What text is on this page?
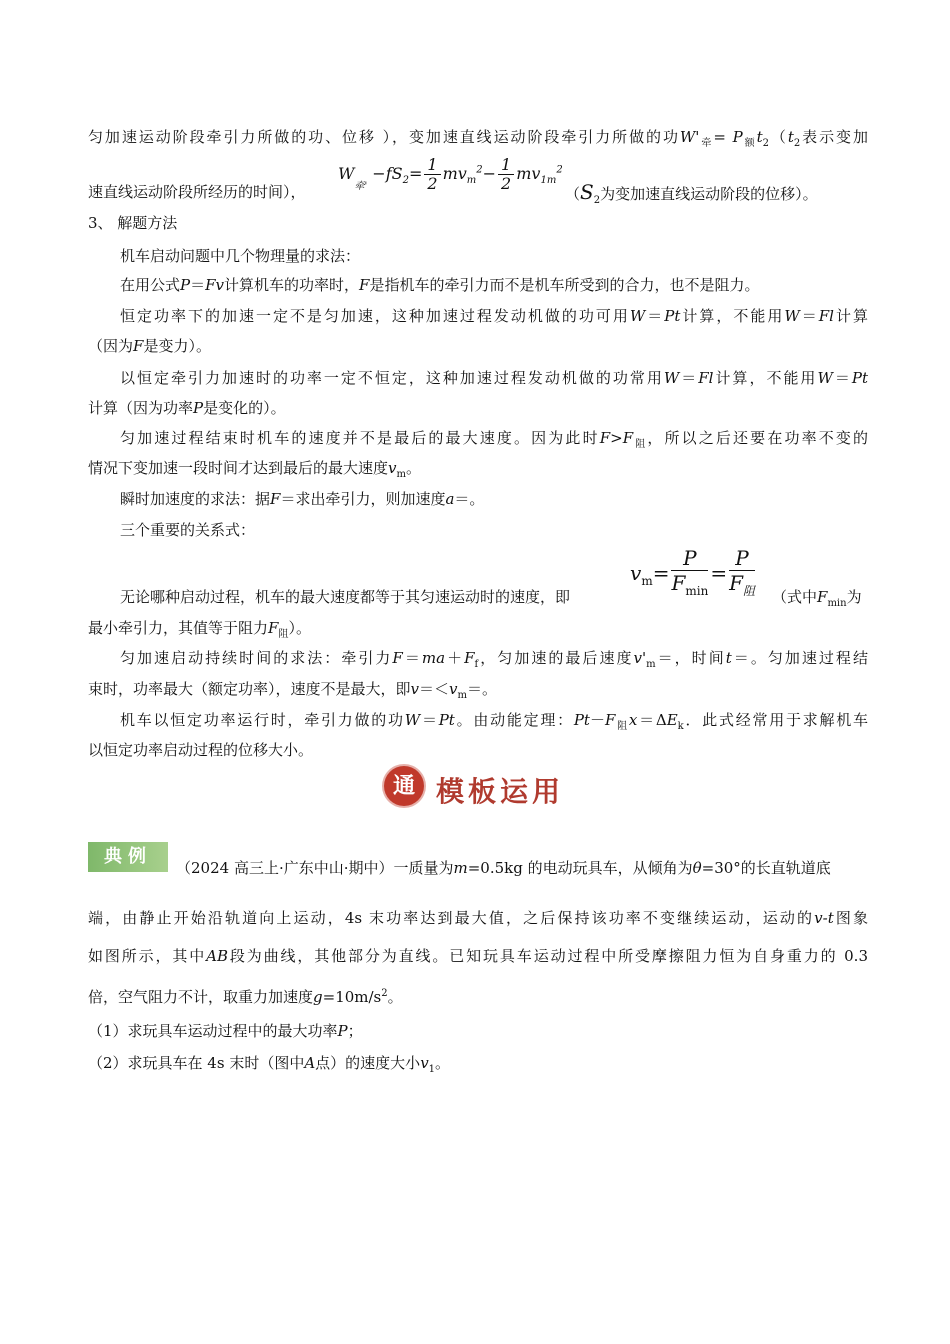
匀加速运动阶段牵引力所做的功、位移 ），变加速直线运动阶段牵引力所做的功$W'_牵= P_额t_2(t_2$表示变加
速直线运动阶段所经历的时间），
$W_{牵'} -fS_2= \frac{1}{2} mv_m^2- \frac{1}{2} mv_{1m}^2$
（$S_2$为变加速直线运动阶段的位移）。
3、 解题方法
机车启动问题中几个物理量的求法：
在用公式P＝Fv计算机车的功率时，F是指机车的牵引力而不是机车所受到的合力，也不是阻力。
恒定功率下的加速一定不是匀加速，这种加速过程发动机做的功可用W＝Pt计算，不能用W＝Fl计算
（因为F是变力）。
以恒定牵引力加速时的功率一定不恒定，这种加速过程发动机做的功常用W＝Fl计算，不能用W＝Pt
计算（因为功率P是变化的）。
匀加速过程结束时机车的速度并不是最后的最大速度。因为此时$F>F_阻$，所以之后还要在功率不变的
情况下变加速一段时间才达到最后的最大速度$v_m$。
瞬时加速度的求法：据F＝求出牵引力，则加速度a＝。
三个重要的关系式：
$v_m= \frac{P}{F_{min}} = \frac{P}{F_阻}$
无论哪种启动过程，机车的最大速度都等于其匀速运动时的速度，即	（式中$F_{min}$为
最小牵引力，其值等于阻力$F_阻$）。
匀加速启动持续时间的求法：牵引力$F=ma+F_f$，匀加速的最后速度$v'_m=$，时间t＝。匀加速过程结
束时，功率最大（额定功率），速度不是最大，即$v=<v_m=$。
机车以恒定功率运行时，牵引力做的功W＝Pt。由动能定理：$Pt-F_阻x=\Delta E_k$．此式经常用于求解机车
以恒定功率启动过程的位移大小。
通 模板运用
典例
（2024 高三上·广东中山·期中）一质量为m=0.5kg 的电动玩具车，从倾角为θ=30°的长直轨道底
端，由静止开始沿轨道向上运动，4s 末功率达到最大值，之后保持该功率不变继续运动，运动的v-t图象
如图所示，其中AB段为曲线，其他部分为直线。已知玩具车运动过程中所受摩擦阻力恒为自身重力的 0.3
倍，空气阻力不计，取重力加速度$g=10m/s^2$。
（1）求玩具车运动过程中的最大功率P；
（2）求玩具车在 4s 末时（图中A点）的速度大小$v_1$。
